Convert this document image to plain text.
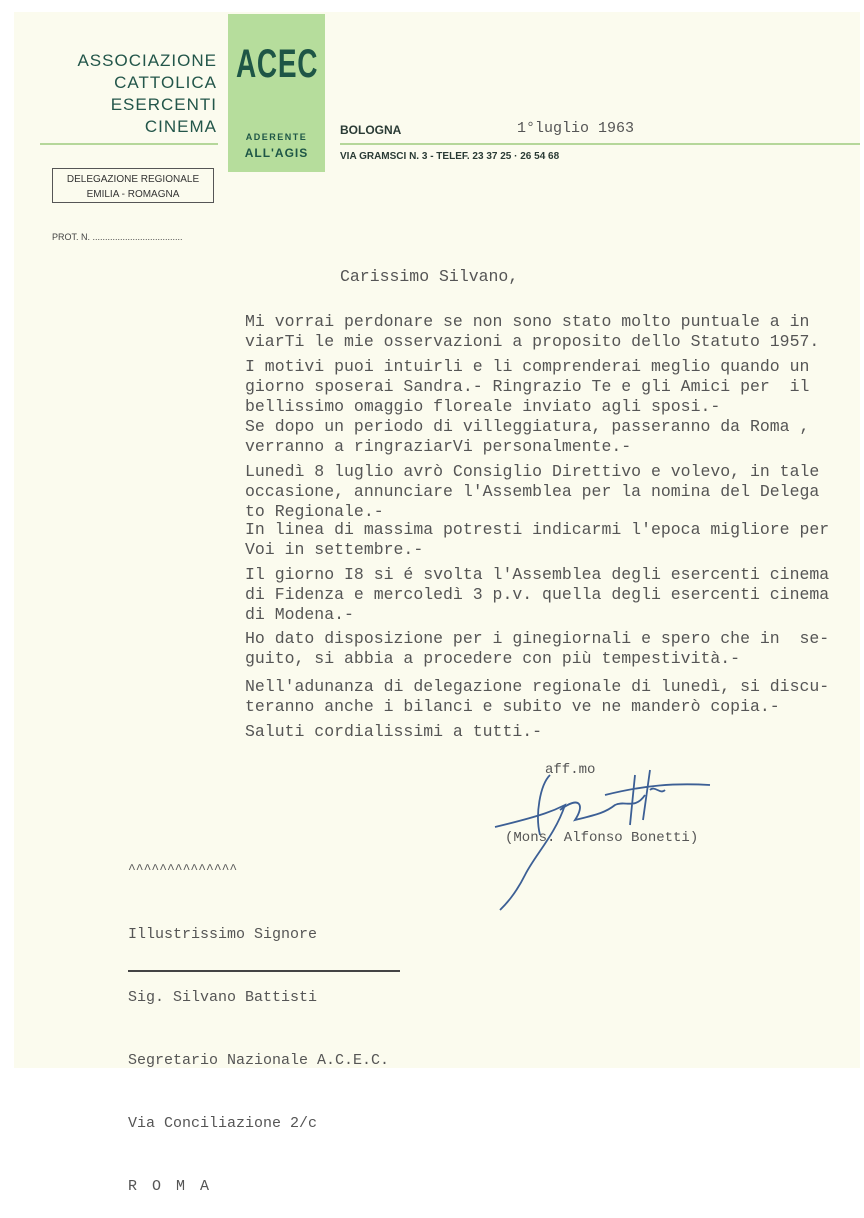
ASSOCIAZIONE
CATTOLICA
ESERCENTI
CINEMA
ACEC
ADERENTE
ALL'AGIS
BOLOGNA
VIA GRAMSCI N. 3 - TELEF. 23 37 25 · 26 54 68
1°luglio 1963
DELEGAZIONE REGIONALE
EMILIA - ROMAGNA
PROT. N. ....................................
Carissimo Silvano,
Mi vorrai perdonare se non sono stato molto puntuale a in
viarTi le mie osservazioni a proposito dello Statuto 1957.
I motivi puoi intuirli e li comprenderai meglio quando un
giorno sposerai Sandra.- Ringrazio Te e gli Amici per  il
bellissimo omaggio floreale inviato agli sposi.-
Se dopo un periodo di villeggiatura, passeranno da Roma ,
verranno a ringraziarVi personalmente.-
Lunedì 8 luglio avrò Consiglio Direttivo e volevo, in tale
occasione, annunciare l'Assemblea per la nomina del Delega
to Regionale.-
In linea di massima potresti indicarmi l'epoca migliore per
Voi in settembre.-
Il giorno I8 si é svolta l'Assemblea degli esercenti cinema
di Fidenza e mercoledì 3 p.v. quella degli esercenti cinema
di Modena.-
Ho dato disposizione per i ginegiornali e spero che in  se-
guito, si abbia a procedere con più tempestività.-
Nell'adunanza di delegazione regionale di lunedì, si discu-
teranno anche i bilanci e subito ve ne manderò copia.-
Saluti cordialissimi a tutti.-
aff.mo
(Mons. Alfonso Bonetti)
^^^^^^^^^^^^^^

Illustrissimo Signore

Sig. Silvano Battisti

Segretario Nazionale A.C.E.C.

Via Conciliazione 2/c

R O M A
